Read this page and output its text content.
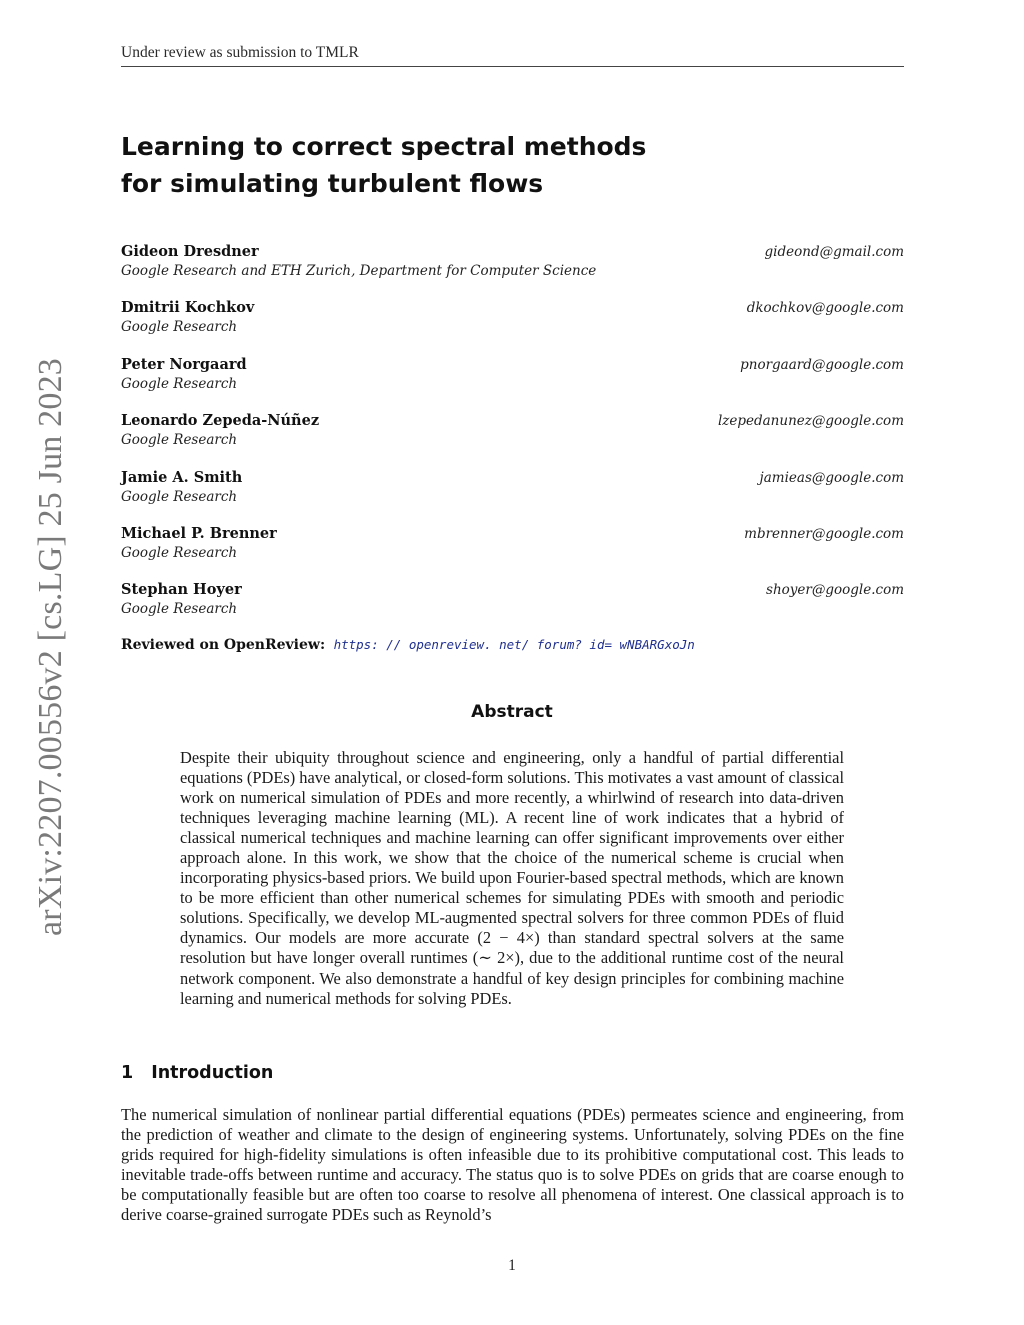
Under review as submission to TMLR
arXiv:2207.00556v2 [cs.LG] 25 Jun 2023
Learning to correct spectral methods
for simulating turbulent flows
Gideon Dresdner	gideond@gmail.com
Google Research and ETH Zurich, Department for Computer Science
Dmitrii Kochkov	dkochkov@google.com
Google Research
Peter Norgaard	pnorgaard@google.com
Google Research
Leonardo Zepeda-Núñez	lzepedanunez@google.com
Google Research
Jamie A. Smith	jamieas@google.com
Google Research
Michael P. Brenner	mbrenner@google.com
Google Research
Stephan Hoyer	shoyer@google.com
Google Research
Reviewed on OpenReview: https: // openreview. net/ forum? id= wNBARGxoJn
Abstract

Despite their ubiquity throughout science and engineering, only a handful of partial differential equations (PDEs) have analytical, or closed-form solutions. This motivates a vast amount of classical work on numerical simulation of PDEs and more recently, a whirlwind of research into data-driven techniques leveraging machine learning (ML). A recent line of work indicates that a hybrid of classical numerical techniques and machine learning can offer significant improvements over either approach alone. In this work, we show that the choice of the numerical scheme is crucial when incorporating physics-based priors. We build upon Fourier-based spectral methods, which are known to be more efficient than other numerical schemes for simulating PDEs with smooth and periodic solutions. Specifically, we develop ML-augmented spectral solvers for three common PDEs of fluid dynamics. Our models are more accurate (2 − 4×) than standard spectral solvers at the same resolution but have longer overall runtimes (∼ 2×), due to the additional runtime cost of the neural network component. We also demonstrate a handful of key design principles for combining machine learning and numerical methods for solving PDEs.

1 Introduction

The numerical simulation of nonlinear partial differential equations (PDEs) permeates science and engineering, from the prediction of weather and climate to the design of engineering systems. Unfortunately, solving PDEs on the fine grids required for high-fidelity simulations is often infeasible due to its prohibitive computational cost. This leads to inevitable trade-offs between runtime and accuracy. The status quo is to solve PDEs on grids that are coarse enough to be computationally feasible but are often too coarse to resolve all phenomena of interest. One classical approach is to derive coarse-grained surrogate PDEs such as Reynold’s

1
